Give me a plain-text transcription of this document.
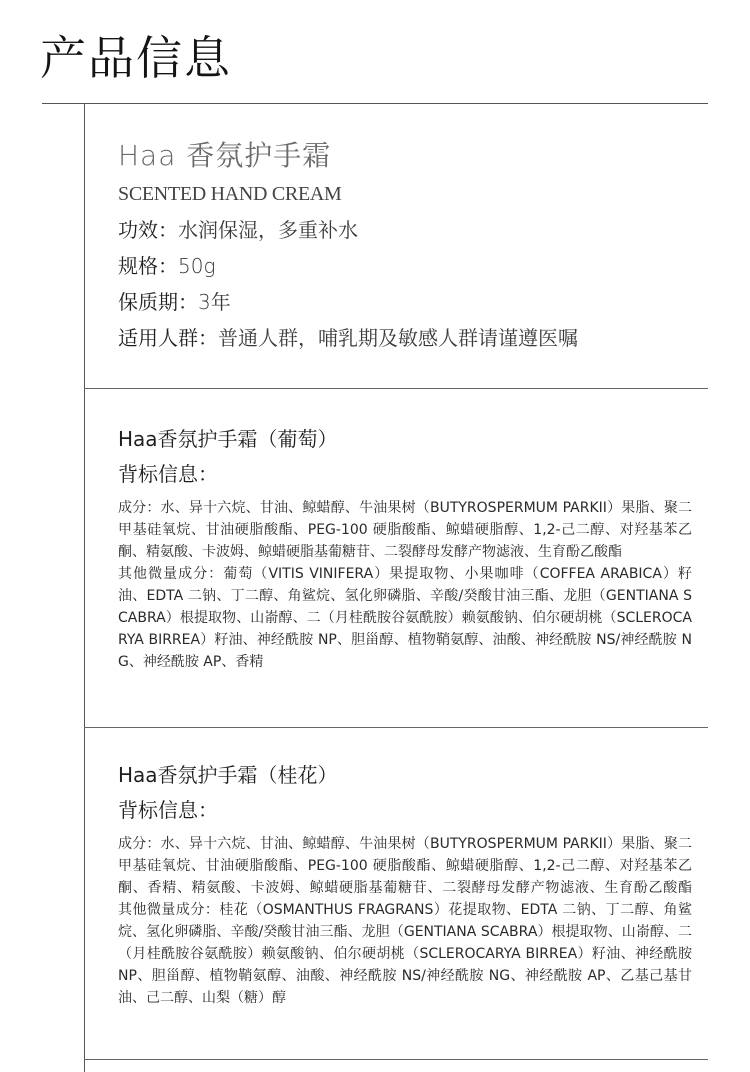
产品信息
Haa 香氛护手霜
SCENTED HAND CREAM
功效：水润保湿，多重补水
规格：50g
保质期：3年
适用人群：普通人群，哺乳期及敏感人群请谨遵医嘱
Haa香氛护手霜（葡萄）
背标信息：

成分：水、异十六烷、甘油、鲸蜡醇、牛油果树（BUTYROSPERMUM PARKII）果脂、聚二甲基硅氧烷、甘油硬脂酸酯、PEG-100 硬脂酸酯、鲸蜡硬脂醇、1,2-己二醇、对羟基苯乙酮、精氨酸、卡波姆、鲸蜡硬脂基葡糖苷、二裂酵母发酵产物滤液、生育酚乙酸酯

其他微量成分：葡萄（VITIS VINIFERA）果提取物、小果咖啡（COFFEA ARABICA）籽油、EDTA 二钠、丁二醇、角鲨烷、氢化卵磷脂、辛酸/癸酸甘油三酯、龙胆（GENTIANA SCABRA）根提取物、山嵛醇、二（月桂酰胺谷氨酰胺）赖氨酸钠、伯尔硬胡桃（SCLEROCARYA BIRREA）籽油、神经酰胺 NP、胆甾醇、植物鞘氨醇、油酸、神经酰胺 NS/神经酰胺 NG、神经酰胺 AP、香精

Haa香氛护手霜（桂花）
背标信息：

成分：水、异十六烷、甘油、鲸蜡醇、牛油果树（BUTYROSPERMUM PARKII）果脂、聚二甲基硅氧烷、甘油硬脂酸酯、PEG-100 硬脂酸酯、鲸蜡硬脂醇、1,2-己二醇、对羟基苯乙酮、香精、精氨酸、卡波姆、鲸蜡硬脂基葡糖苷、二裂酵母发酵产物滤液、生育酚乙酸酯　　其他微量成分：桂花（OSMANTHUS FRAGRANS）花提取物、EDTA 二钠、丁二醇、角鲨烷、氢化卵磷脂、辛酸/癸酸甘油三酯、龙胆（GENTIANA SCABRA）根提取物、山嵛醇、二（月桂酰胺谷氨酰胺）赖氨酸钠、伯尔硬胡桃（SCLEROCARYA BIRREA）籽油、神经酰胺 NP、胆甾醇、植物鞘氨醇、油酸、神经酰胺 NS/神经酰胺 NG、神经酰胺 AP、乙基己基甘油、己二醇、山梨（糖）醇
